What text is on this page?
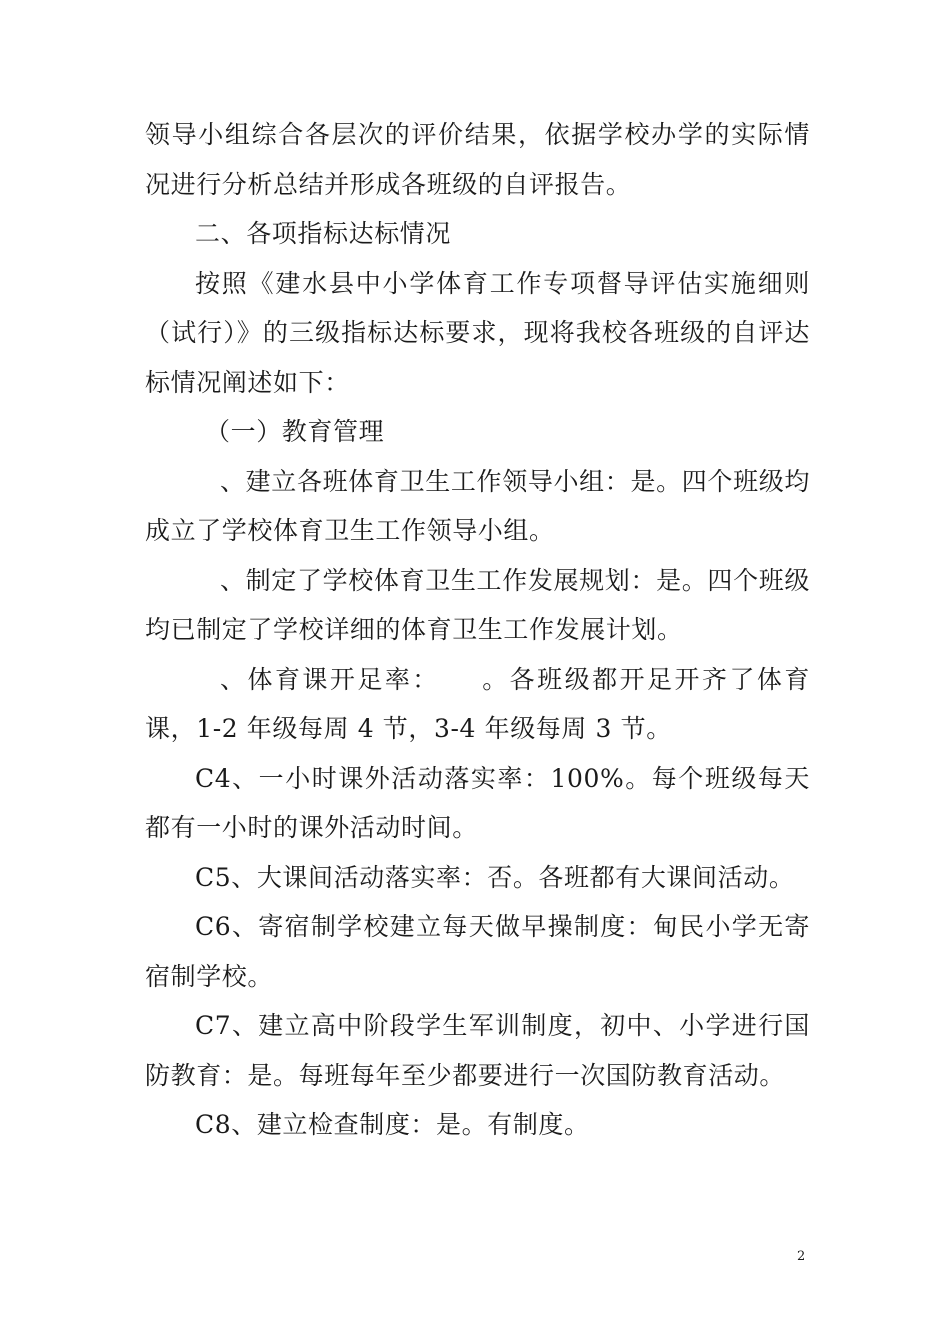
领导小组综合各层次的评价结果，依据学校办学的实际情况进行分析总结并形成各班级的自评报告。

二、各项指标达标情况

按照《建水县中小学体育工作专项督导评估实施细则（试行）》的三级指标达标要求，现将我校各班级的自评达标情况阐述如下：

（一）教育管理

、建立各班体育卫生工作领导小组：是。四个班级均成立了学校体育卫生工作领导小组。

、制定了学校体育卫生工作发展规划：是。四个班级均已制定了学校详细的体育卫生工作发展计划。

、体育课开足率：　　。各班级都开足开齐了体育课，1-2 年级每周 4 节，3-4 年级每周 3 节。

C4、一小时课外活动落实率：100%。每个班级每天都有一小时的课外活动时间。

C5、大课间活动落实率：否。各班都有大课间活动。

C6、寄宿制学校建立每天做早操制度：甸民小学无寄宿制学校。

C7、建立高中阶段学生军训制度，初中、小学进行国防教育：是。每班每年至少都要进行一次国防教育活动。

C8、建立检查制度：是。有制度。

2
